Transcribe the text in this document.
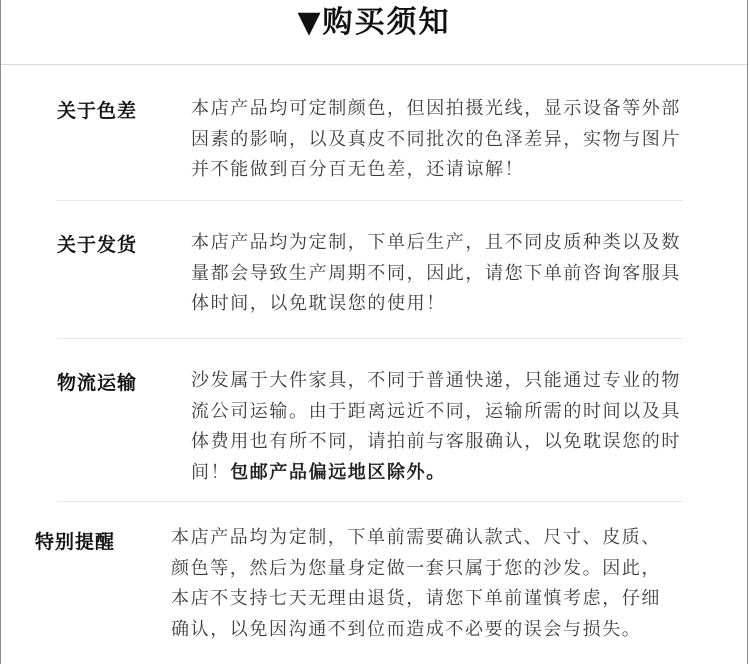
▼购买须知
关于色差	本店产品均可定制颜色，但因拍摄光线，显示设备等外部
因素的影响，以及真皮不同批次的色泽差异，实物与图片
并不能做到百分百无色差，还请谅解！

关于发货	本店产品均为定制，下单后生产，且不同皮质种类以及数
量都会导致生产周期不同，因此，请您下单前咨询客服具
体时间，以免耽误您的使用！

物流运输	沙发属于大件家具，不同于普通快递，只能通过专业的物
流公司运输。由于距离远近不同，运输所需的时间以及具
体费用也有所不同，请拍前与客服确认，以免耽误您的时
间！包邮产品偏远地区除外。

特别提醒	本店产品均为定制，下单前需要确认款式、尺寸、皮质、
颜色等，然后为您量身定做一套只属于您的沙发。因此，
本店不支持七天无理由退货，请您下单前谨慎考虑，仔细
确认，以免因沟通不到位而造成不必要的误会与损失。
